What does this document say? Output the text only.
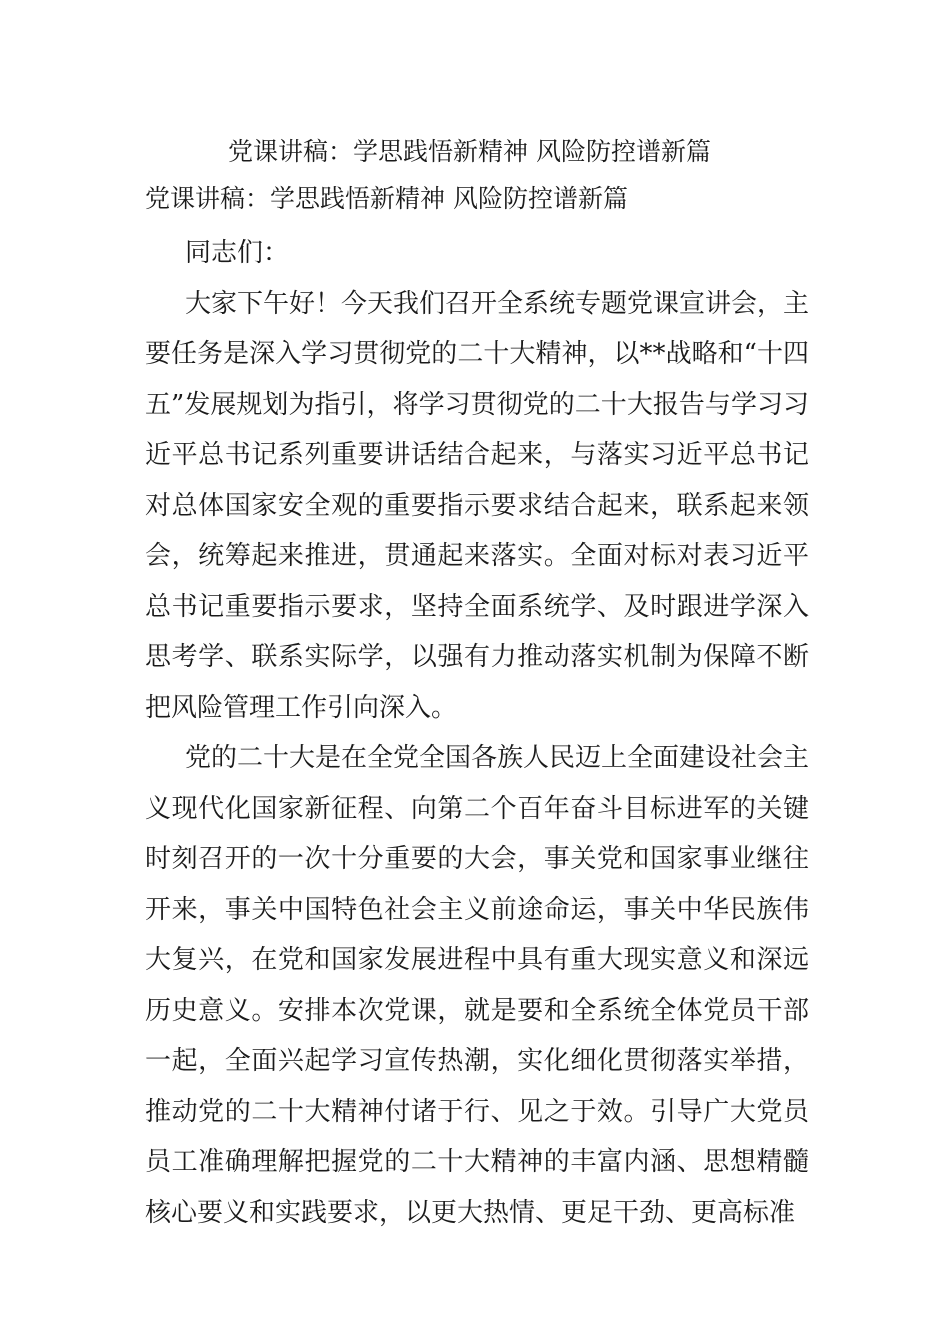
党课讲稿：学思践悟新精神 风险防控谱新篇
党课讲稿：学思践悟新精神 风险防控谱新篇

同志们：

大家下午好！今天我们召开全系统专题党课宣讲会，主要任务是深入学习贯彻党的二十大精神，以**战略和“十四五”发展规划为指引，将学习贯彻党的二十大报告与学习习近平总书记系列重要讲话结合起来，与落实习近平总书记对总体国家安全观的重要指示要求结合起来，联系起来领会，统筹起来推进，贯通起来落实。全面对标对表习近平总书记重要指示要求，坚持全面系统学、及时跟进学深入思考学、联系实际学，以强有力推动落实机制为保障不断把风险管理工作引向深入。

党的二十大是在全党全国各族人民迈上全面建设社会主义现代化国家新征程、向第二个百年奋斗目标进军的关键时刻召开的一次十分重要的大会，事关党和国家事业继往开来，事关中国特色社会主义前途命运，事关中华民族伟大复兴，在党和国家发展进程中具有重大现实意义和深远历史意义。安排本次党课，就是要和全系统全体党员干部一起，全面兴起学习宣传热潮，实化细化贯彻落实举措，推动党的二十大精神付诸于行、见之于效。引导广大党员员工准确理解把握党的二十大精神的丰富内涵、思想精髓核心要义和实践要求，以更大热情、更足干劲、更高标准
